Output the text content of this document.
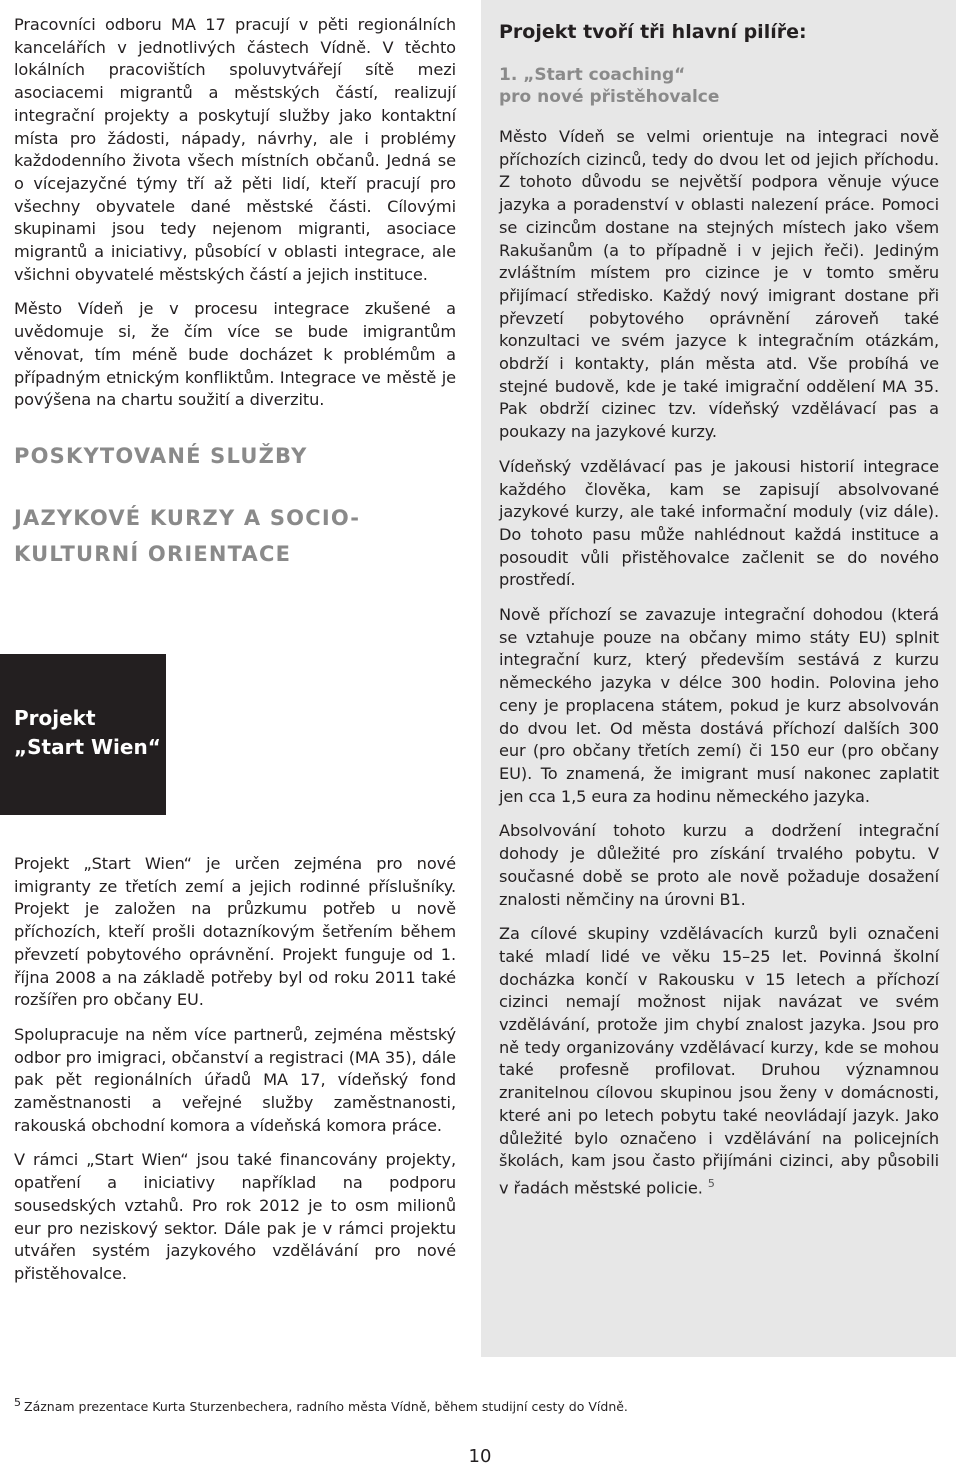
Pracovníci odboru MA 17 pracují v pěti regionálních kancelářích v jednotlivých částech Vídně. V těchto lokálních pracovištích spoluvytvářejí sítě mezi asociacemi migrantů a městských částí, realizují integrační projekty a poskytují služby jako kontaktní místa pro žádosti, nápady, návrhy, ale i problémy každodenního života všech místních občanů. Jedná se o vícejazyčné týmy tří až pěti lidí, kteří pracují pro všechny obyvatele dané městské části. Cílovými skupinami jsou tedy nejenom migranti, asociace migrantů a iniciativy, působící v oblasti integrace, ale všichni obyvatelé městských částí a jejich instituce.

Město Vídeň je v procesu integrace zkušené a uvědomuje si, že čím více se bude imigrantům věnovat, tím méně bude docházet k problémům a případným etnickým konfliktům. Integrace ve městě je povýšena na chartu soužití a diverzitu.

POSKYTOVANÉ SLUŽBY

JAZYKOVÉ KURZY A SOCIO-KULTURNÍ ORIENTACE

Projekt
„Start Wien“

Projekt „Start Wien“ je určen zejména pro nové imigranty ze třetích zemí a jejich rodinné příslušníky. Projekt je založen na průzkumu potřeb u nově příchozích, kteří prošli dotazníkovým šetřením během převzetí pobytového oprávnění. Projekt funguje od 1. října 2008 a na základě potřeby byl od roku 2011 také rozšířen pro občany EU.

Spolupracuje na něm více partnerů, zejména městský odbor pro imigraci, občanství a registraci (MA 35), dále pak pět regionálních úřadů MA 17, vídeňský fond zaměstnanosti a veřejné služby zaměstnanosti, rakouská obchodní komora a vídeňská komora práce.

V rámci „Start Wien“ jsou také financovány projekty, opatření a iniciativy například na podporu sousedských vztahů. Pro rok 2012 je to osm milionů eur pro neziskový sektor. Dále pak je v rámci projektu utvářen systém jazykového vzdělávání pro nové přistěhovalce.

Projekt tvoří tři hlavní pilíře:

1. „Start coaching“
pro nové přistěhovalce

Město Vídeň se velmi orientuje na integraci nově příchozích cizinců, tedy do dvou let od jejich příchodu. Z tohoto důvodu se největší podpora věnuje výuce jazyka a poradenství v oblasti nalezení práce. Pomoci se cizincům dostane na stejných místech jako všem Rakušanům (a to případně i v jejich řeči). Jediným zvláštním místem pro cizince je v tomto směru přijímací středisko. Každý nový imigrant dostane při převzetí pobytového oprávnění zároveň také konzultaci ve svém jazyce k integračním otázkám, obdrží i kontakty, plán města atd. Vše probíhá ve stejné budově, kde je také imigrační oddělení MA 35. Pak obdrží cizinec tzv. vídeňský vzdělávací pas a poukazy na jazykové kurzy.

Vídeňský vzdělávací pas je jakousi historií integrace každého člověka, kam se zapisují absolvované jazykové kurzy, ale také informační moduly (viz dále). Do tohoto pasu může nahlédnout každá instituce a posoudit vůli přistěhovalce začlenit se do nového prostředí.

Nově příchozí se zavazuje integrační dohodou (která se vztahuje pouze na občany mimo státy EU) splnit integrační kurz, který především sestává z kurzu německého jazyka v délce 300 hodin. Polovina jeho ceny je proplacena státem, pokud je kurz absolvován do dvou let. Od města dostává příchozí dalších 300 eur (pro občany třetích zemí) či 150 eur (pro občany EU). To znamená, že imigrant musí nakonec zaplatit jen cca 1,5 eura za hodinu německého jazyka.

Absolvování tohoto kurzu a dodržení integrační dohody je důležité pro získání trvalého pobytu. V současné době se proto ale nově požaduje dosažení znalosti němčiny na úrovni B1.

Za cílové skupiny vzdělávacích kurzů byli označeni také mladí lidé ve věku 15–25 let. Povinná školní docházka končí v Rakousku v 15 letech a příchozí cizinci nemají možnost nijak navázat ve svém vzdělávání, protože jim chybí znalost jazyka. Jsou pro ně tedy organizovány vzdělávací kurzy, kde se mohou také profesně profilovat. Druhou významnou zranitelnou cílovou skupinou jsou ženy v domácnosti, které ani po letech pobytu také neovládají jazyk. Jako důležité bylo označeno i vzdělávání na policejních školách, kam jsou často přijímáni cizinci, aby působili v řadách městské policie. $^5$

5 Záznam prezentace Kurta Sturzenbechera, radního města Vídně, během studijní cesty do Vídně.
10
